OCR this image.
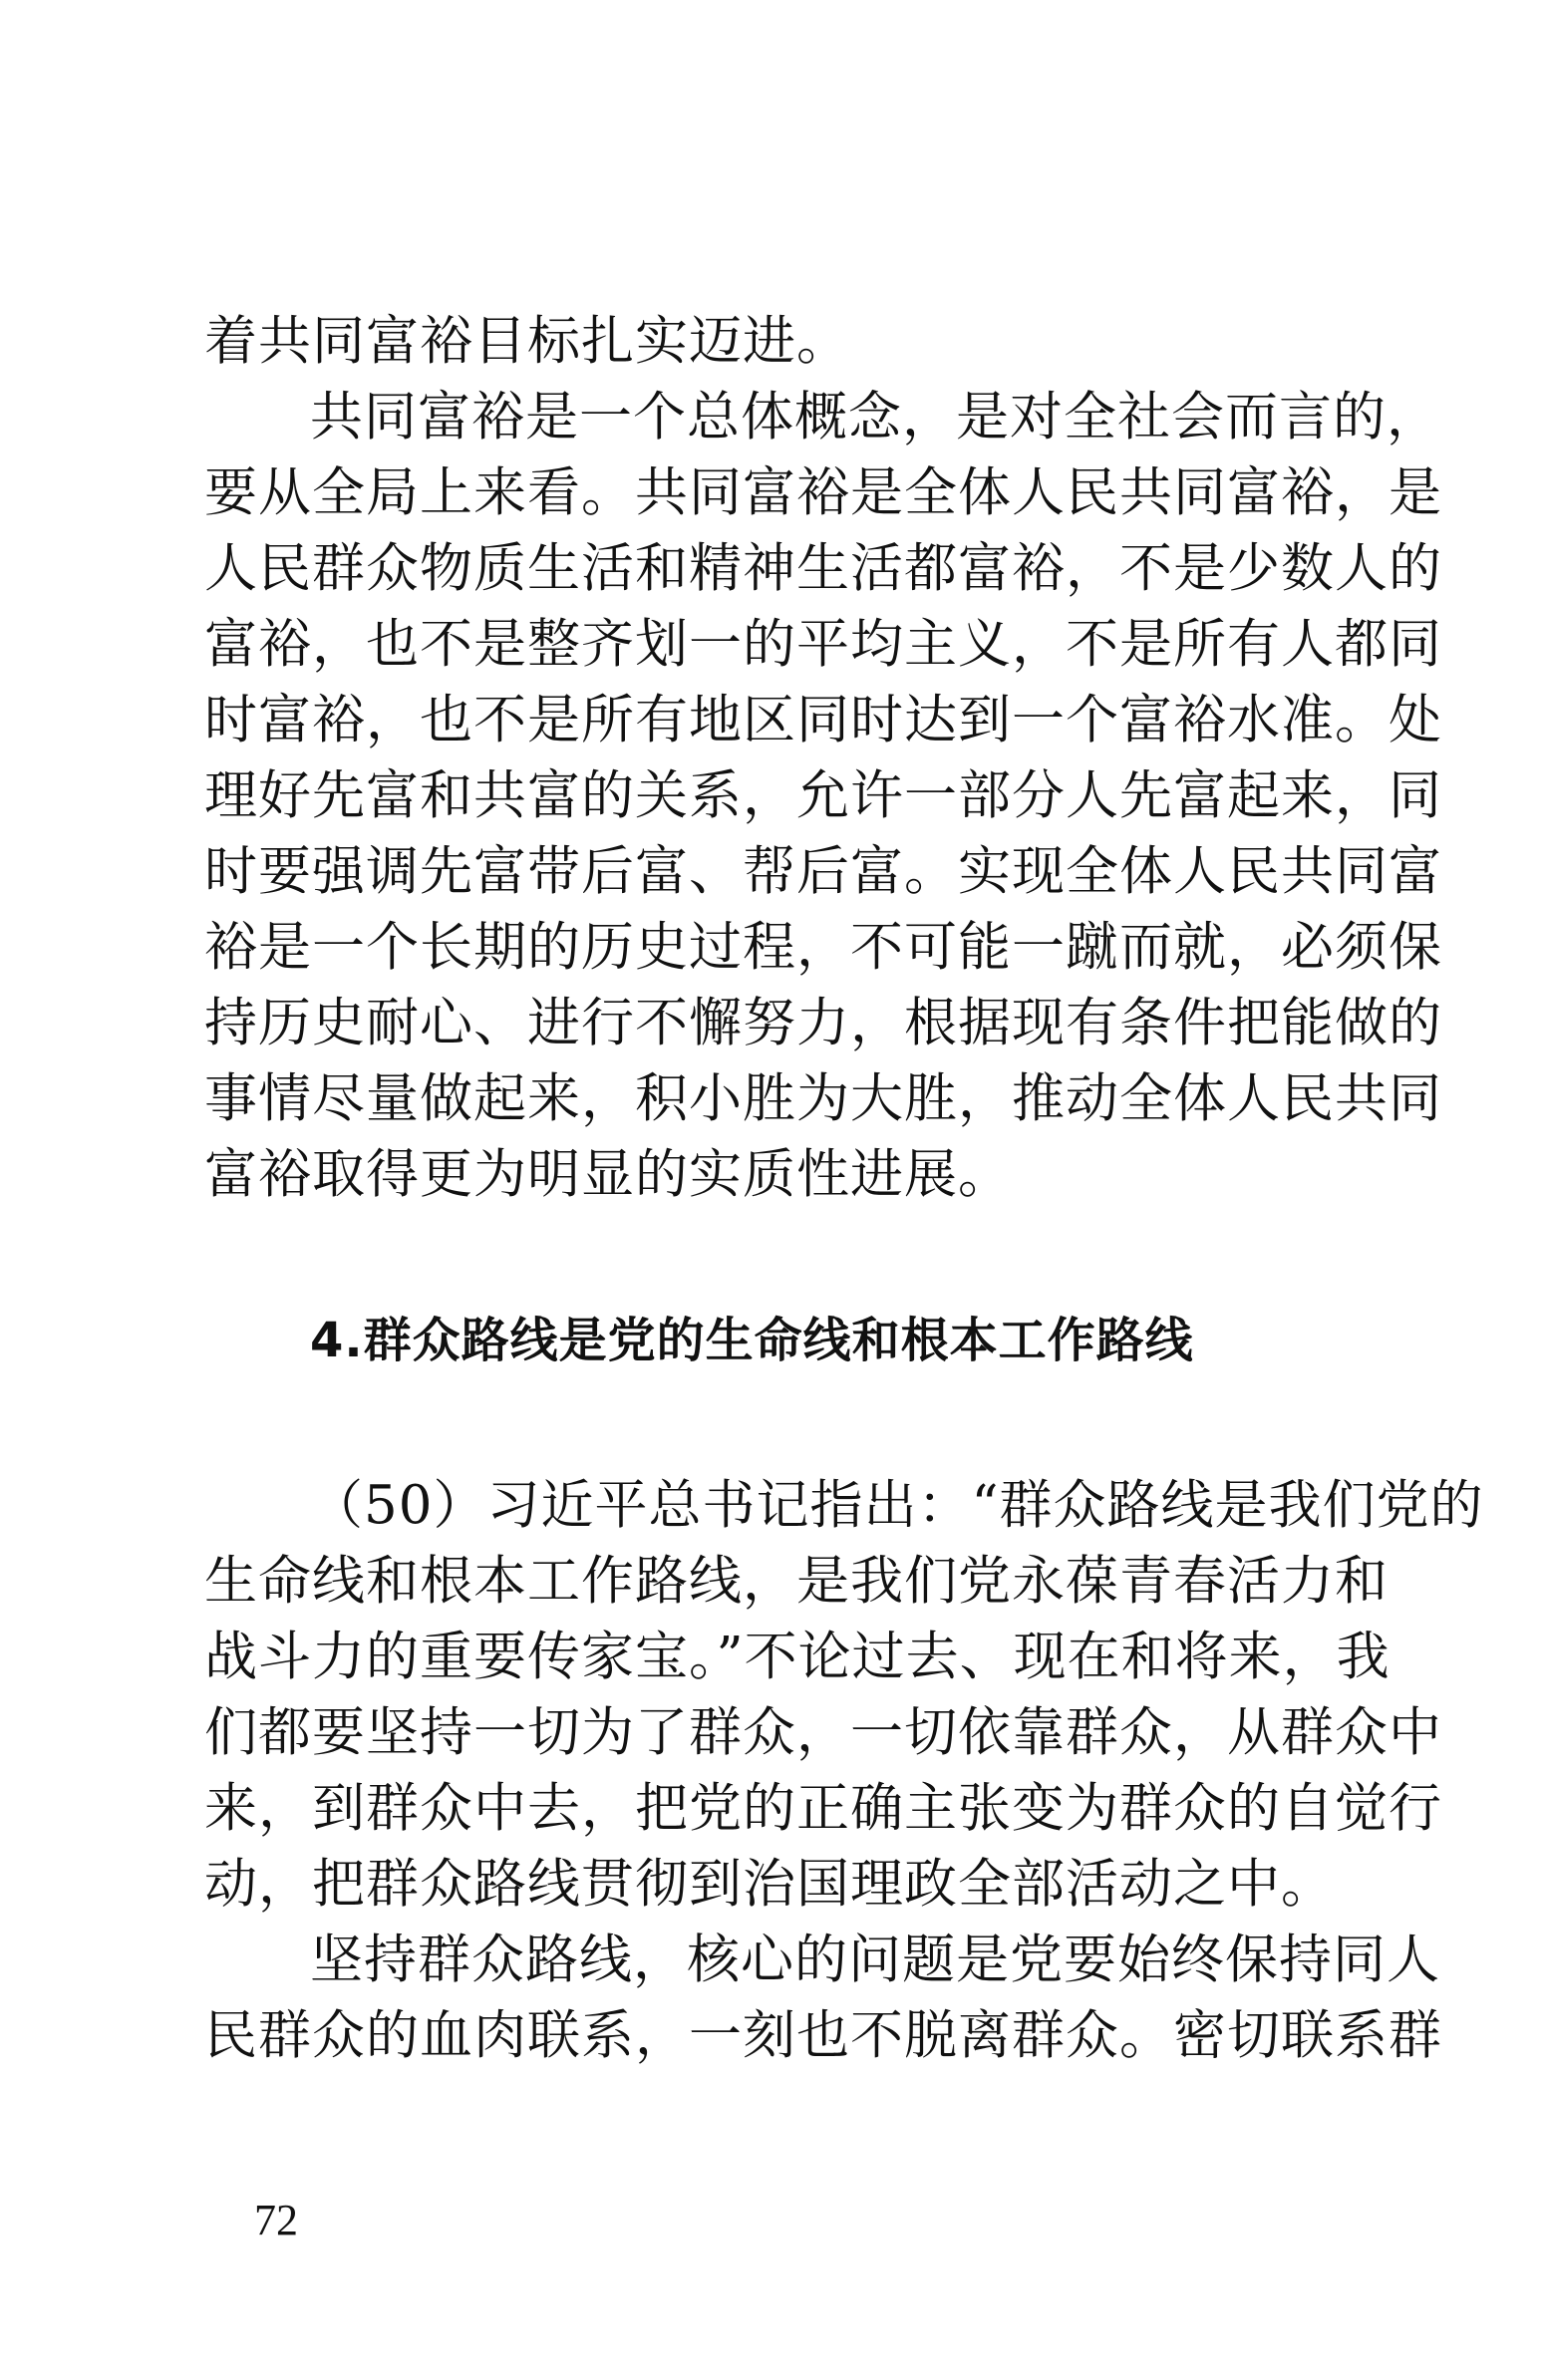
着共同富裕目标扎实迈进。
共同富裕是一个总体概念，是对全社会而言的，
要从全局上来看。共同富裕是全体人民共同富裕，是
人民群众物质生活和精神生活都富裕，不是少数人的
富裕，也不是整齐划一的平均主义，不是所有人都同
时富裕，也不是所有地区同时达到一个富裕水准。处
理好先富和共富的关系，允许一部分人先富起来，同
时要强调先富带后富、帮后富。实现全体人民共同富
裕是一个长期的历史过程，不可能一蹴而就，必须保
持历史耐心、进行不懈努力，根据现有条件把能做的
事情尽量做起来，积小胜为大胜，推动全体人民共同
富裕取得更为明显的实质性进展。
4.群众路线是党的生命线和根本工作路线
（50）习近平总书记指出：“群众路线是我们党的
生命线和根本工作路线，是我们党永葆青春活力和
战斗力的重要传家宝。”不论过去、现在和将来，我
们都要坚持一切为了群众，一切依靠群众，从群众中
来，到群众中去，把党的正确主张变为群众的自觉行
动，把群众路线贯彻到治国理政全部活动之中。
坚持群众路线，核心的问题是党要始终保持同人
民群众的血肉联系，一刻也不脱离群众。密切联系群
72
